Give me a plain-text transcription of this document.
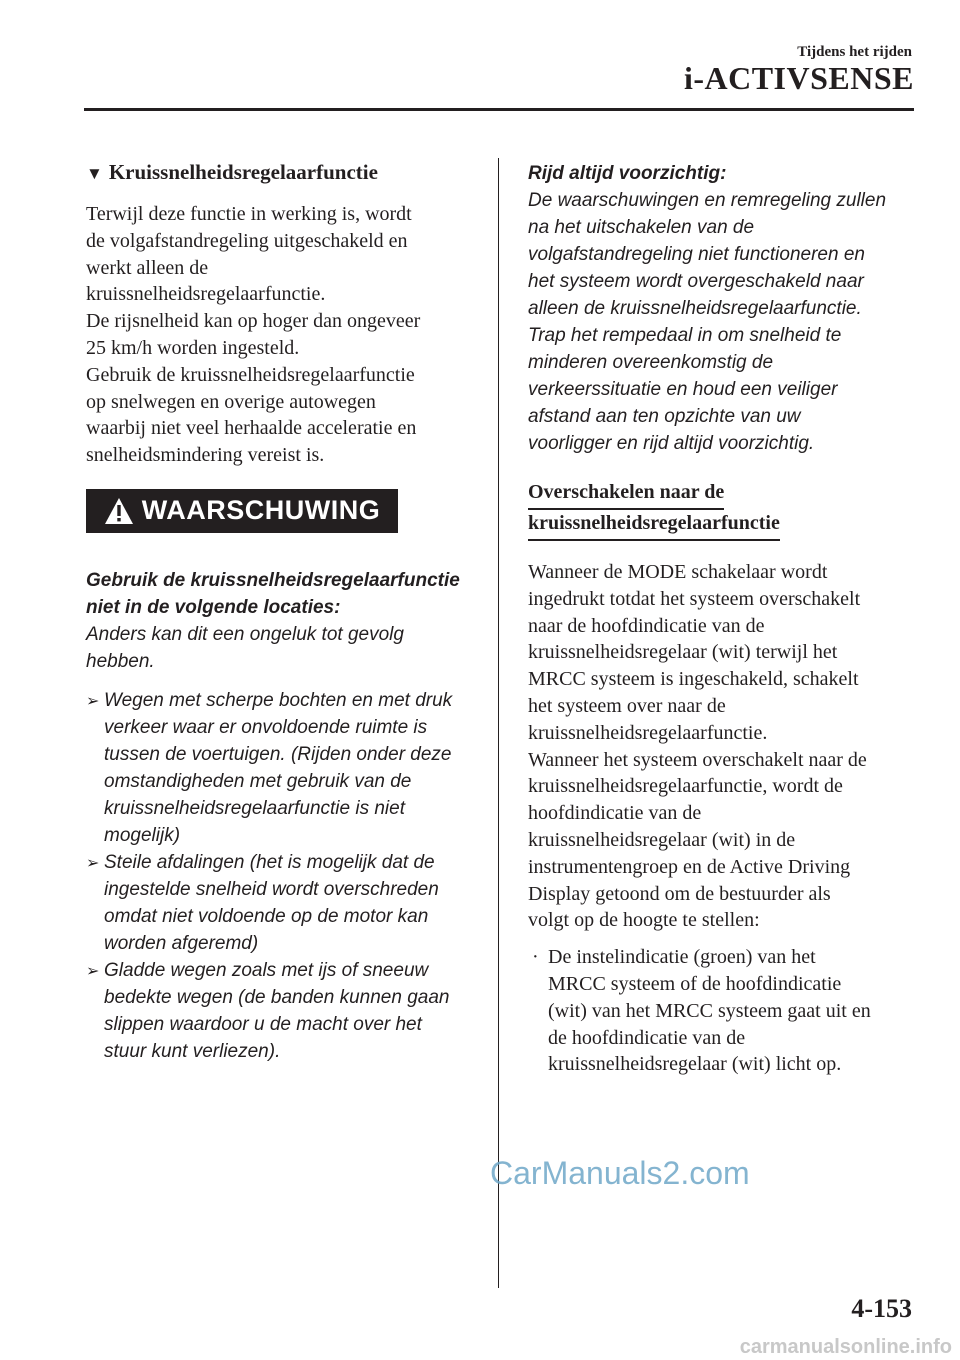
Tijdens het rijden
i-ACTIVSENSE
▼ Kruissnelheidsregelaarfunctie

Terwijl deze functie in werking is, wordt
de volgafstandregeling uitgeschakeld en
werkt alleen de
kruissnelheidsregelaarfunctie.
De rijsnelheid kan op hoger dan ongeveer
25 km/h worden ingesteld.
Gebruik de kruissnelheidsregelaarfunctie
op snelwegen en overige autowegen
waarbij niet veel herhaalde acceleratie en
snelheidsmindering vereist is.

WAARSCHUWING

Gebruik de kruissnelheidsregelaarfunctie
niet in de volgende locaties:

Anders kan dit een ongeluk tot gevolg
hebben.

➢ Wegen met scherpe bochten en met druk
verkeer waar er onvoldoende ruimte is
tussen de voertuigen. (Rijden onder deze
omstandigheden met gebruik van de
kruissnelheidsregelaarfunctie is niet
mogelijk)
➢ Steile afdalingen (het is mogelijk dat de
ingestelde snelheid wordt overschreden
omdat niet voldoende op de motor kan
worden afgeremd)
➢ Gladde wegen zoals met ijs of sneeuw
bedekte wegen (de banden kunnen gaan
slippen waardoor u de macht over het
stuur kunt verliezen).

Rijd altijd voorzichtig:

De waarschuwingen en remregeling zullen
na het uitschakelen van de
volgafstandregeling niet functioneren en
het systeem wordt overgeschakeld naar
alleen de kruissnelheidsregelaarfunctie.
Trap het rempedaal in om snelheid te
minderen overeenkomstig de
verkeerssituatie en houd een veiliger
afstand aan ten opzichte van uw
voorligger en rijd altijd voorzichtig.

Overschakelen naar de
kruissnelheidsregelaarfunctie

Wanneer de MODE schakelaar wordt
ingedrukt totdat het systeem overschakelt
naar de hoofdindicatie van de
kruissnelheidsregelaar (wit) terwijl het
MRCC systeem is ingeschakeld, schakelt
het systeem over naar de
kruissnelheidsregelaarfunctie.
Wanneer het systeem overschakelt naar de
kruissnelheidsregelaarfunctie, wordt de
hoofdindicatie van de
kruissnelheidsregelaar (wit) in de
instrumentengroep en de Active Driving
Display getoond om de bestuurder als
volgt op de hoogte te stellen:

· De instelindicatie (groen) van het
MRCC systeem of de hoofdindicatie
(wit) van het MRCC systeem gaat uit en
de hoofdindicatie van de
kruissnelheidsregelaar (wit) licht op.
CarManuals2.com
4-153
carmanualsonline.info
